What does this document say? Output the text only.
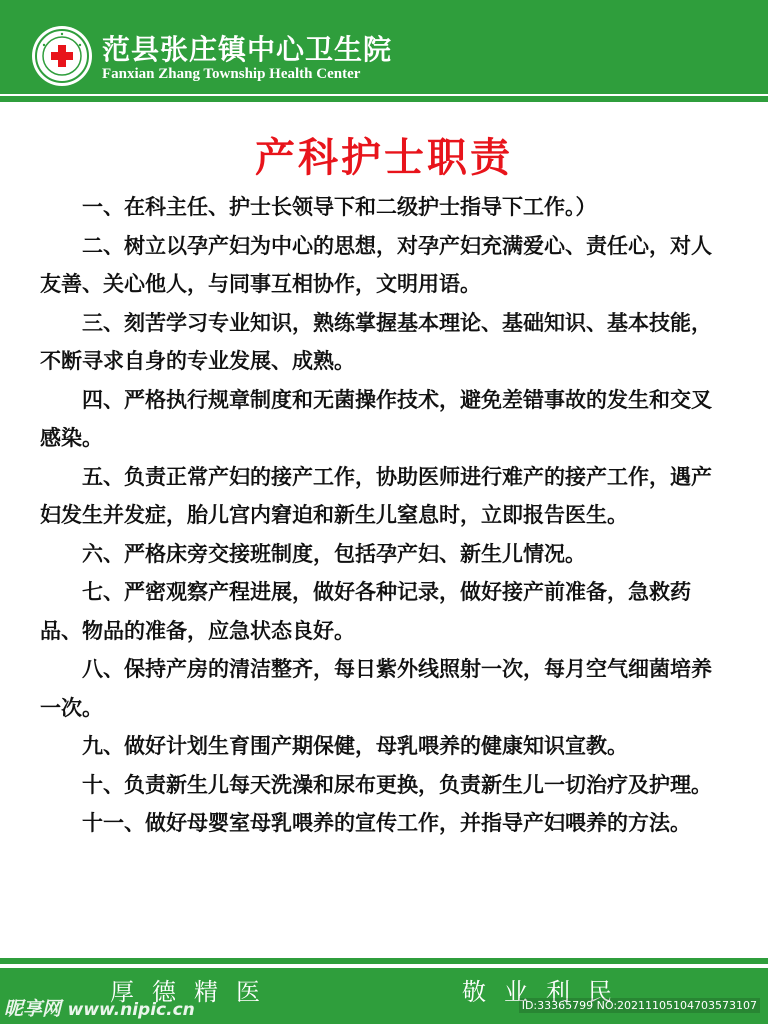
范县张庄镇中心卫生院
Fanxian Zhang Township Health Center
产科护士职责

一、在科主任、护士长领导下和二级护士指导下工作。）

二、树立以孕产妇为中心的思想，对孕产妇充满爱心、责任心，对人友善、关心他人，与同事互相协作，文明用语。

三、刻苦学习专业知识，熟练掌握基本理论、基础知识、基本技能，不断寻求自身的专业发展、成熟。

四、严格执行规章制度和无菌操作技术，避免差错事故的发生和交叉感染。

五、负责正常产妇的接产工作，协助医师进行难产的接产工作，遇产妇发生并发症，胎儿宫内窘迫和新生儿窒息时，立即报告医生。

六、严格床旁交接班制度，包括孕产妇、新生儿情况。

七、严密观察产程进展，做好各种记录，做好接产前准备，急救药品、物品的准备，应急状态良好。

八、保持产房的清洁整齐，每日紫外线照射一次，每月空气细菌培养一次。

九、做好计划生育围产期保健，母乳喂养的健康知识宣教。

十、负责新生儿每天洗澡和尿布更换，负责新生儿一切治疗及护理。

十一、做好母婴室母乳喂养的宣传工作，并指导产妇喂养的方法。

厚德精医	敬业利民
昵享网 www.nipic.cn	ID:33365799 NO:20211105104703573107
